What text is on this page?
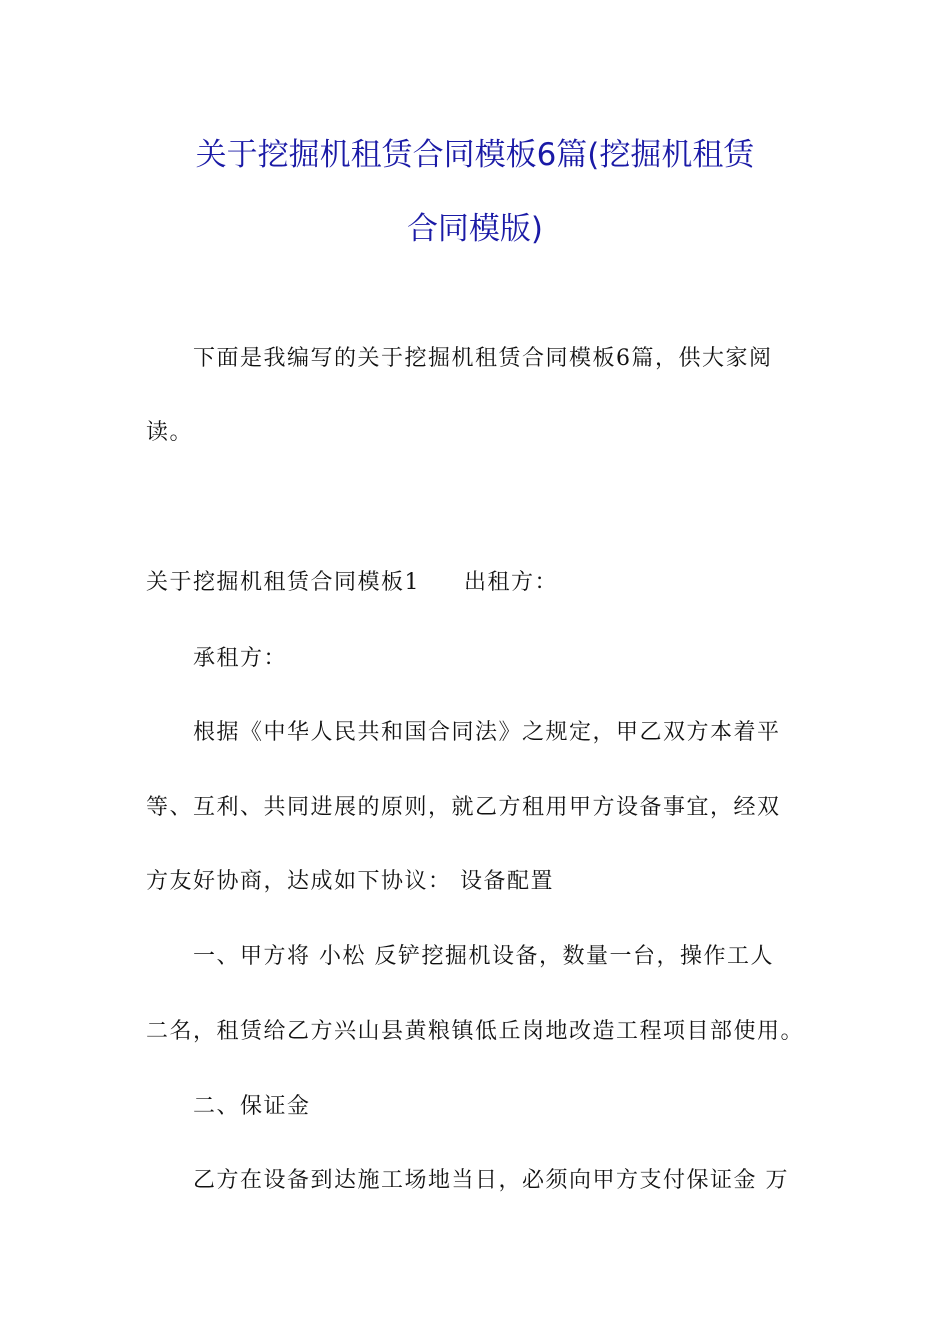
关于挖掘机租赁合同模板6篇(挖掘机租赁
合同模版)
下面是我编写的关于挖掘机租赁合同模板6篇，供大家阅
读。
关于挖掘机租赁合同模板1 出租方：
承租方：
根据《中华人民共和国合同法》之规定，甲乙双方本着平
等、互利、共同进展的原则，就乙方租用甲方设备事宜，经双
方友好协商，达成如下协议： 设备配置
一、甲方将 小松 反铲挖掘机设备，数量一台，操作工人
二名，租赁给乙方兴山县黄粮镇低丘岗地改造工程项目部使用。
二、保证金
乙方在设备到达施工场地当日，必须向甲方支付保证金 万
